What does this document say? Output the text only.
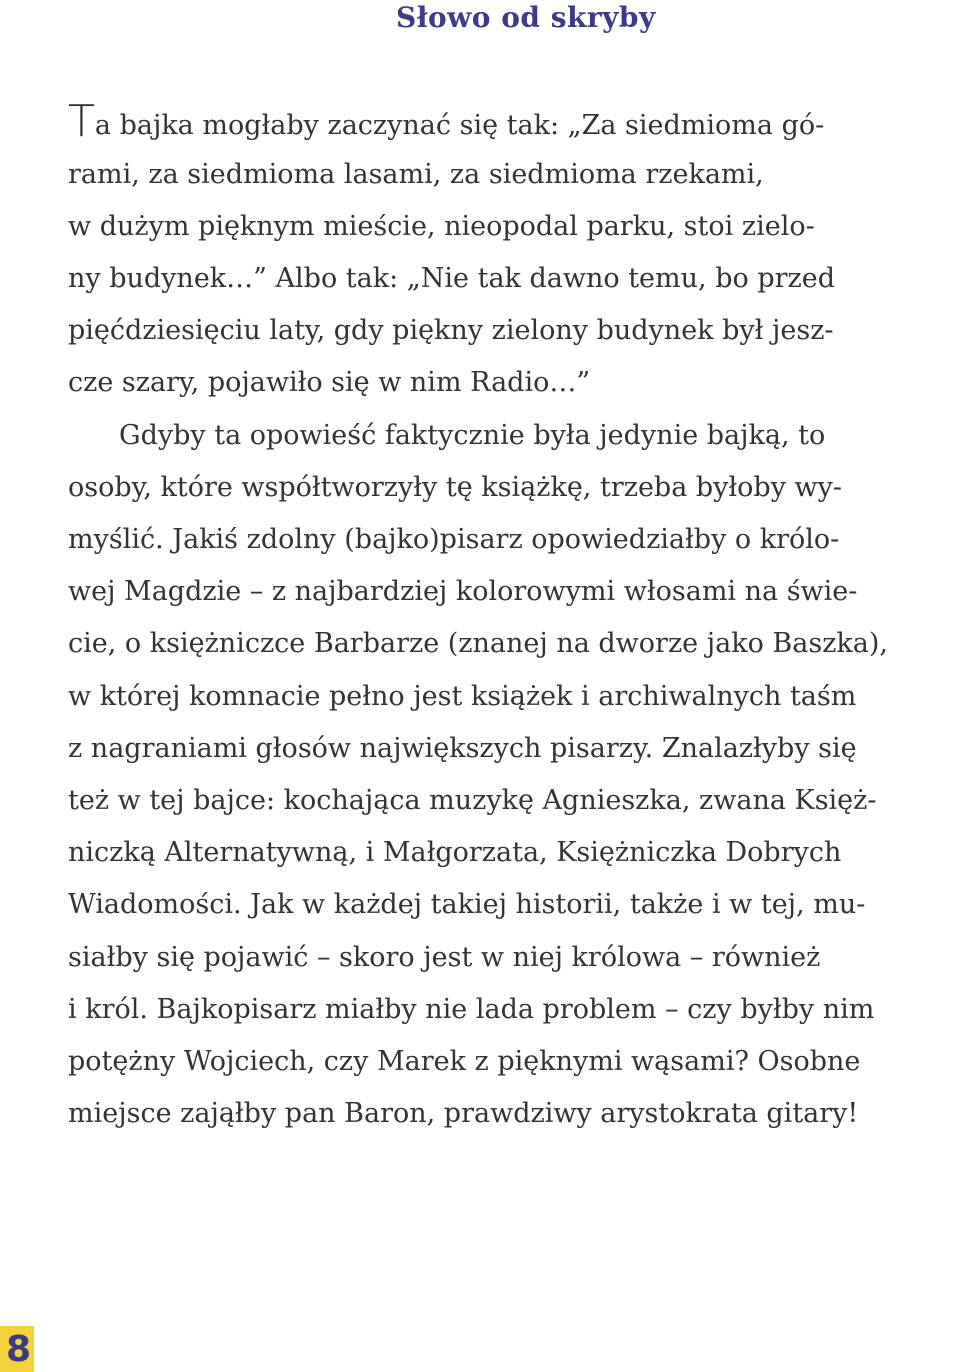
Słowo od skryby
Ta bajka mogłaby zaczynać się tak: „Za siedmioma gó-
rami, za siedmioma lasami, za siedmioma rzekami,
w dużym pięknym mieście, nieopodal parku, stoi zielo-
ny budynek…” Albo tak: „Nie tak dawno temu, bo przed
pięćdziesięciu laty, gdy piękny zielony budynek był jesz-
cze szary, pojawiło się w nim Radio…”
Gdyby ta opowieść faktycznie była jedynie bajką, to
osoby, które współtworzyły tę książkę, trzeba byłoby wy-
myślić. Jakiś zdolny (bajko)pisarz opowiedziałby o królo-
wej Magdzie – z najbardziej kolorowymi włosami na świe-
cie, o księżniczce Barbarze (znanej na dworze jako Baszka),
w której komnacie pełno jest książek i archiwalnych taśm
z nagraniami głosów największych pisarzy. Znalazłyby się
też w tej bajce: kochająca muzykę Agnieszka, zwana Księż-
niczką Alternatywną, i Małgorzata, Księżniczka Dobrych
Wiadomości. Jak w każdej takiej historii, także i w tej, mu-
siałby się pojawić – skoro jest w niej królowa – również
i król. Bajkopisarz miałby nie lada problem – czy byłby nim
potężny Wojciech, czy Marek z pięknymi wąsami? Osobne
miejsce zająłby pan Baron, prawdziwy arystokrata gitary!
8
